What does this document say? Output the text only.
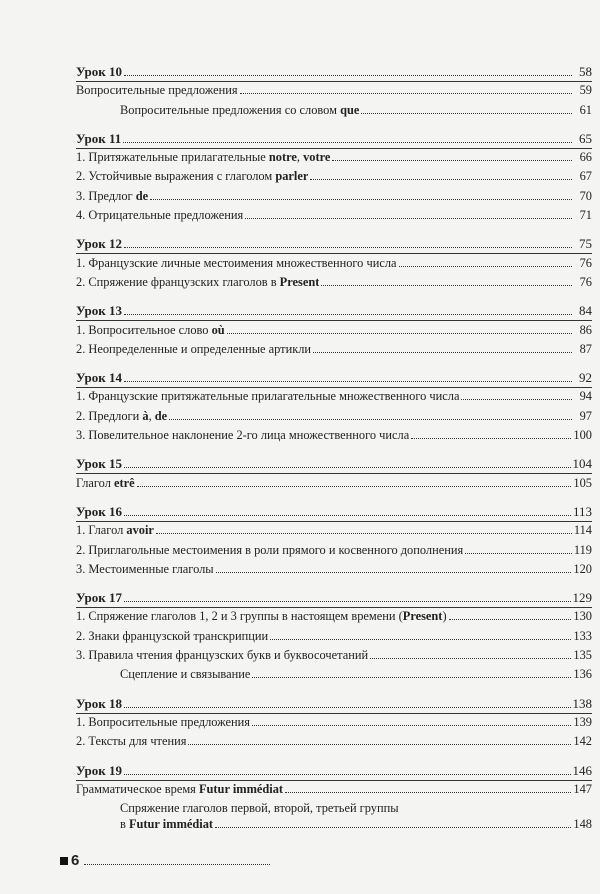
Урок 10	58
Вопросительные предложения	59
Вопросительные предложения со словом que	61
Урок 11	65
1. Притяжательные прилагательные notre, votre	66
2. Устойчивые выражения с глаголом parler	67
3. Предлог de	70
4. Отрицательные предложения	71
Урок 12	75
1. Французские личные местоимения множественного числа	76
2. Спряжение французских глаголов в Present	76
Урок 13	84
1. Вопросительное слово où	86
2. Неопределенные и определенные артикли	87
Урок 14	92
1. Французские притяжательные прилагательные множественного числа	94
2. Предлоги à, de	97
3. Повелительное наклонение 2-го лица множественного числа	100
Урок 15	104
Глагол etrê	105
Урок 16	113
1. Глагол avoir	114
2. Приглагольные местоимения в роли прямого и косвенного дополнения	119
3. Местоименные глаголы	120
Урок 17	129
1. Спряжение глаголов 1, 2 и 3 группы в настоящем времени (Present)	130
2. Знаки французской транскрипции	133
3. Правила чтения французских букв и буквосочетаний	135
Сцепление и связывание	136
Урок 18	138
1. Вопросительные предложения	139
2. Тексты для чтения	142
Урок 19	146
Грамматическое время Futur immédiat	147
Спряжение глаголов первой, второй, третьей группы
в Futur immédiat	148
6
